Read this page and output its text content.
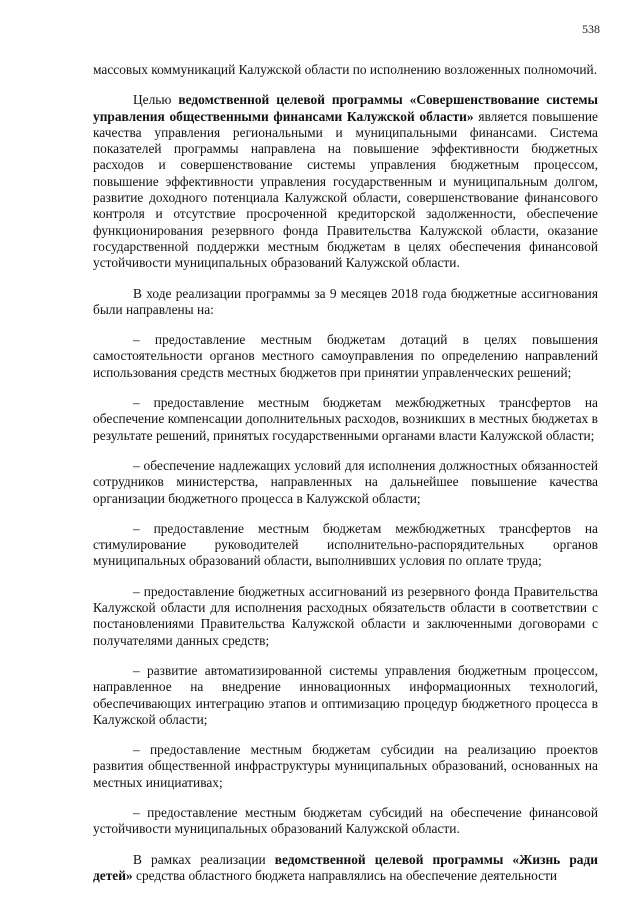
538

массовых коммуникаций Калужской области по исполнению возложенных полномочий.

Целью ведомственной целевой программы «Совершенствование системы управления общественными финансами Калужской области» является повышение качества управления региональными и муниципальными финансами. Система показателей программы направлена на повышение эффективности бюджетных расходов и совершенствование системы управления бюджетным процессом, повышение эффективности управления государственным и муниципальным долгом, развитие доходного потенциала Калужской области, совершенствование финансового контроля и отсутствие просроченной кредиторской задолженности, обеспечение функционирования резервного фонда Правительства Калужской области, оказание государственной поддержки местным бюджетам в целях обеспечения финансовой устойчивости муниципальных образований Калужской области.

В ходе реализации программы за 9 месяцев 2018 года бюджетные ассигнования были направлены на:

– предоставление местным бюджетам дотаций в целях повышения самостоятельности органов местного самоуправления по определению направлений использования средств местных бюджетов при принятии управленческих решений;

– предоставление местным бюджетам межбюджетных трансфертов на обеспечение компенсации дополнительных расходов, возникших в местных бюджетах в результате решений, принятых государственными органами власти Калужской области;

– обеспечение надлежащих условий для исполнения должностных обязанностей сотрудников министерства, направленных на дальнейшее повышение качества организации бюджетного процесса в Калужской области;

– предоставление местным бюджетам межбюджетных трансфертов на стимулирование руководителей исполнительно-распорядительных органов муниципальных образований области, выполнивших условия по оплате труда;

– предоставление бюджетных ассигнований из резервного фонда Правительства Калужской области для исполнения расходных обязательств области в соответствии с постановлениями Правительства Калужской области и заключенными договорами с получателями данных средств;

– развитие автоматизированной системы управления бюджетным процессом, направленное на внедрение инновационных информационных технологий, обеспечивающих интеграцию этапов и оптимизацию процедур бюджетного процесса в Калужской области;

– предоставление местным бюджетам субсидии на реализацию проектов развития общественной инфраструктуры муниципальных образований, основанных на местных инициативах;

– предоставление местным бюджетам субсидий на обеспечение финансовой устойчивости муниципальных образований Калужской области.

В рамках реализации ведомственной целевой программы «Жизнь ради детей» средства областного бюджета направлялись на обеспечение деятельности
